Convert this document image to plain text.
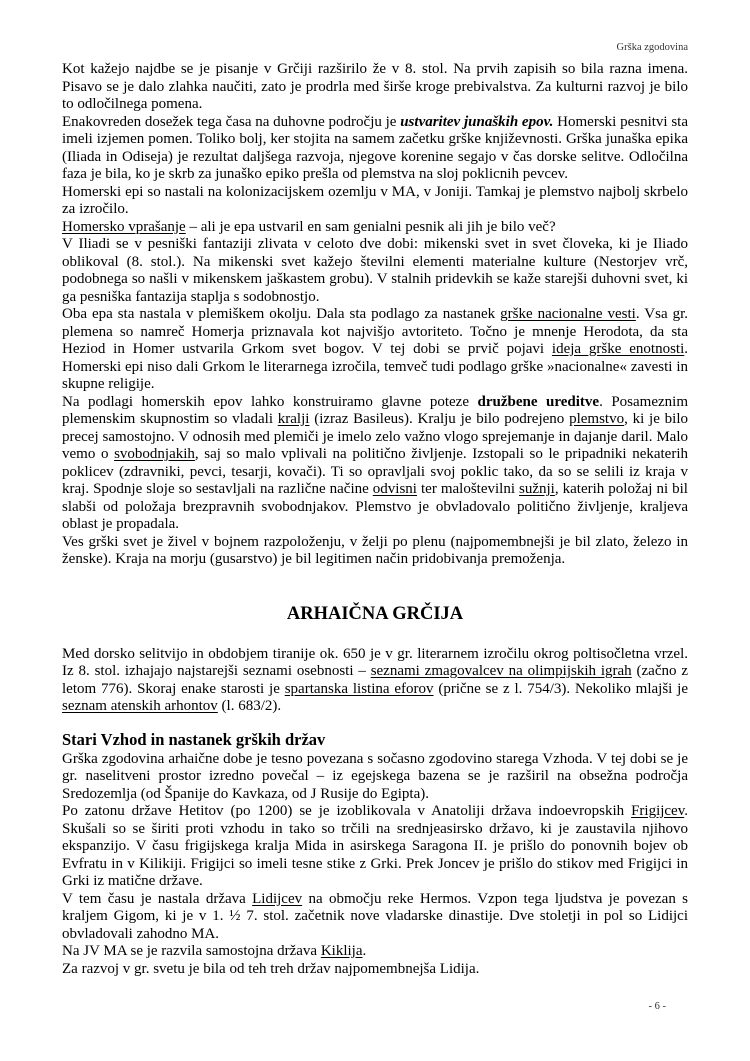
Grška zgodovina

Kot kažejo najdbe se je pisanje v Grčiji razširilo že v 8. stol. Na prvih zapisih so bila razna imena. Pisavo se je dalo zlahka naučiti, zato je prodrla med širše kroge prebivalstva. Za kulturni razvoj je bilo to odločilnega pomena.

Enakovreden dosežek tega časa na duhovne področju je ustvaritev junaških epov. Homerski pesnitvi sta imeli izjemen pomen. Toliko bolj, ker stojita na samem začetku grške književnosti. Grška junaška epika (Iliada in Odiseja) je rezultat daljšega razvoja, njegove korenine segajo v čas dorske selitve. Odločilna faza je bila, ko je skrb za junaško epiko prešla od plemstva na sloj poklicnih pevcev.

Homerski epi so nastali na kolonizacijskem ozemlju v MA, v Joniji. Tamkaj je plemstvo najbolj skrbelo za izročilo.

Homersko vprašanje – ali je epa ustvaril en sam genialni pesnik ali jih je bilo več?

V Iliadi se v pesniški fantaziji zlivata v celoto dve dobi: mikenski svet in svet človeka, ki je Iliado oblikoval (8. stol.). Na mikenski svet kažejo številni elementi materialne kulture (Nestorjev vrč, podobnega so našli v mikenskem jaškastem grobu). V stalnih pridevkih se kaže starejši duhovni svet, ki ga pesniška fantazija staplja s sodobnostjo.

Oba epa sta nastala v plemiškem okolju. Dala sta podlago za nastanek grške nacionalne vesti. Vsa gr. plemena so namreč Homerja priznavala kot najvišjo avtoriteto. Točno je mnenje Herodota, da sta Heziod in Homer ustvarila Grkom svet bogov. V tej dobi se prvič pojavi ideja grške enotnosti. Homerski epi niso dali Grkom le literarnega izročila, temveč tudi podlago grške »nacionalne« zavesti in skupne religije.

Na podlagi homerskih epov lahko konstruiramo glavne poteze družbene ureditve. Posameznim plemenskim skupnostim so vladali kralji (izraz Basileus). Kralju je bilo podrejeno plemstvo, ki je bilo precej samostojno. V odnosih med plemiči je imelo zelo važno vlogo sprejemanje in dajanje daril. Malo vemo o svobodnjakih, saj so malo vplivali na politično življenje. Izstopali so le pripadniki nekaterih poklicev (zdravniki, pevci, tesarji, kovači). Ti so opravljali svoj poklic tako, da so se selili iz kraja v kraj. Spodnje sloje so sestavljali na različne načine odvisni ter maloštevilni sužnji, katerih položaj ni bil slabši od položaja brezpravnih svobodnjakov. Plemstvo je obvladovalo politično življenje, kraljeva oblast je propadala.

Ves grški svet je živel v bojnem razpoloženju, v želji po plenu (najpomembnejši je bil zlato, železo in ženske). Kraja na morju (gusarstvo) je bil legitimen način pridobivanja premoženja.

ARHAIČNA GRČIJA

Med dorsko selitvijo in obdobjem tiranije ok. 650 je v gr. literarnem izročilu okrog poltisočletna vrzel. Iz 8. stol. izhajajo najstarejši seznami osebnosti – seznami zmagovalcev na olimpijskih igrah (začno z letom 776). Skoraj enake starosti je spartanska listina eforov (prične se z l. 754/3). Nekoliko mlajši je seznam atenskih arhontov (l. 683/2).

Stari Vzhod in nastanek grških držav

Grška zgodovina arhaične dobe je tesno povezana s sočasno zgodovino starega Vzhoda. V tej dobi se je gr. naselitveni prostor izredno povečal – iz egejskega bazena se je razširil na obsežna področja Sredozemlja (od Španije do Kavkaza, od J Rusije do Egipta).

Po zatonu države Hetitov (po 1200) se je izoblikovala v Anatoliji država indoevropskih Frigijcev. Skušali so se širiti proti vzhodu in tako so trčili na srednjeasirsko državo, ki je zaustavila njihovo ekspanzijo. V času frigijskega kralja Mida in asirskega Saragona II. je prišlo do ponovnih bojev ob Evfratu in v Kilikiji. Frigijci so imeli tesne stike z Grki. Prek Joncev je prišlo do stikov med Frigijci in Grki iz matične države.

V tem času je nastala država Lidijcev na območju reke Hermos. Vzpon tega ljudstva je povezan s kraljem Gigom, ki je v 1. ½ 7. stol. začetnik nove vladarske dinastije. Dve stoletji in pol so Lidijci obvladovali zahodno MA.

Na JV MA se je razvila samostojna država Kiklija.

Za razvoj v gr. svetu je bila od teh treh držav najpomembnejša Lidija.

- 6 -
